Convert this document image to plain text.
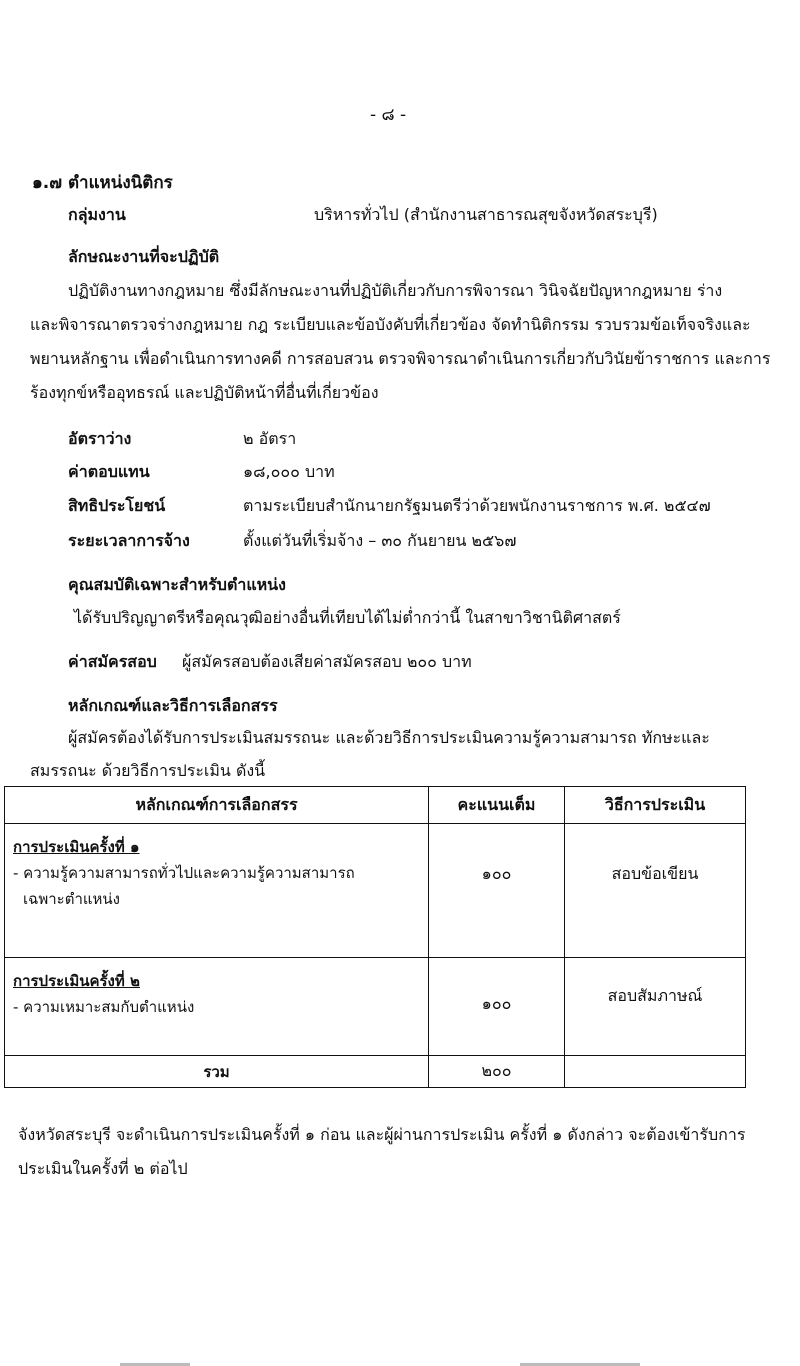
- ๘ -
๑.๗ ตำแหน่งนิติกร
กลุ่มงาน	บริหารทั่วไป (สำนักงานสาธารณสุขจังหวัดสระบุรี)
ลักษณะงานที่จะปฏิบัติ
ปฏิบัติงานทางกฎหมาย ซึ่งมีลักษณะงานที่ปฏิบัติเกี่ยวกับการพิจารณา วินิจฉัยปัญหากฎหมาย ร่าง
และพิจารณาตรวจร่างกฎหมาย กฎ ระเบียบและข้อบังคับที่เกี่ยวข้อง จัดทำนิติกรรม รวบรวมข้อเท็จจริงและ
พยานหลักฐาน เพื่อดำเนินการทางคดี การสอบสวน ตรวจพิจารณาดำเนินการเกี่ยวกับวินัยข้าราชการ และการ
ร้องทุกข์หรืออุทธรณ์ และปฏิบัติหน้าที่อื่นที่เกี่ยวข้อง
อัตราว่าง	๒ อัตรา
ค่าตอบแทน	๑๘,๐๐๐ บาท
สิทธิประโยชน์	ตามระเบียบสำนักนายกรัฐมนตรีว่าด้วยพนักงานราชการ พ.ศ. ๒๕๔๗
ระยะเวลาการจ้าง	ตั้งแต่วันที่เริ่มจ้าง – ๓๐ กันยายน ๒๕๖๗
คุณสมบัติเฉพาะสำหรับตำแหน่ง
ได้รับปริญญาตรีหรือคุณวุฒิอย่างอื่นที่เทียบได้ไม่ต่ำกว่านี้ ในสาขาวิชานิติศาสตร์
ค่าสมัครสอบ ผู้สมัครสอบต้องเสียค่าสมัครสอบ ๒๐๐ บาท
หลักเกณฑ์และวิธีการเลือกสรร
ผู้สมัครต้องได้รับการประเมินสมรรถนะ และด้วยวิธีการประเมินความรู้ความสามารถ ทักษะและ
สมรรถนะ ด้วยวิธีการประเมิน ดังนี้
หลักเกณฑ์การเลือกสรร	คะแนนเต็ม	วิธีการประเมิน

การประเมินครั้งที่ ๑
- ความรู้ความสามารถทั่วไปและความรู้ความสามารถ
เฉพาะตำแหน่ง	๑๐๐	สอบข้อเขียน

การประเมินครั้งที่ ๒
- ความเหมาะสมกับตำแหน่ง	๑๐๐	สอบสัมภาษณ์
รวม	๒๐๐	
จังหวัดสระบุรี จะดำเนินการประเมินครั้งที่ ๑ ก่อน และผู้ผ่านการประเมิน ครั้งที่ ๑ ดังกล่าว จะต้องเข้ารับการ
ประเมินในครั้งที่ ๒ ต่อไป
